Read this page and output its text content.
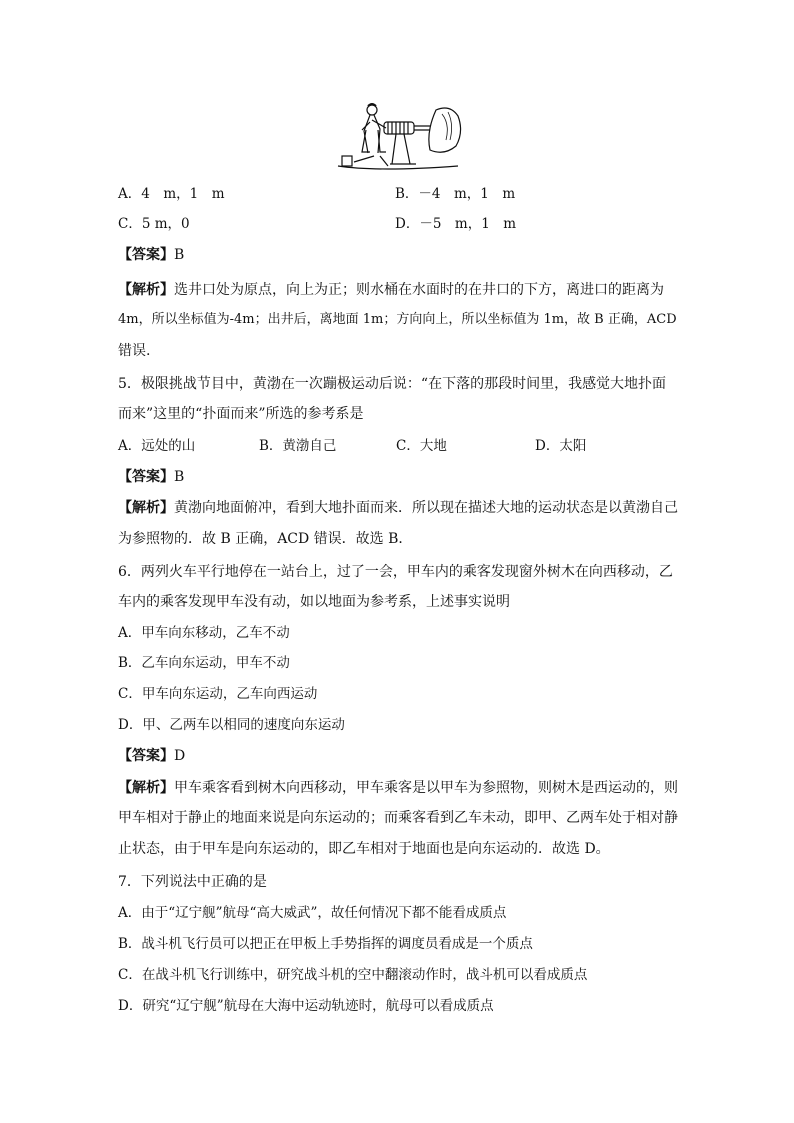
A．4　m，1　m	B．－4　m，1　m
C．5 m，0	D．－5　m，1　m
【答案】B
【解析】选井口处为原点，向上为正；则水桶在水面时的在井口的下方，离进口的距离为
4m，所以坐标值为-4m；出井后，离地面 1m；方向向上，所以坐标值为 1m，故 B 正确，ACD
错误.
5．极限挑战节目中，黄渤在一次蹦极运动后说：“在下落的那段时间里，我感觉大地扑面
而来”这里的“扑面而来”所选的参考系是
A．远处的山	B．黄渤自己	C．大地	D．太阳
【答案】B
【解析】黄渤向地面俯冲，看到大地扑面而来．所以现在描述大地的运动状态是以黄渤自己
为参照物的．故 B 正确，ACD 错误．故选 B．
6．两列火车平行地停在一站台上，过了一会，甲车内的乘客发现窗外树木在向西移动，乙
车内的乘客发现甲车没有动，如以地面为参考系，上述事实说明
A．甲车向东移动，乙车不动
B．乙车向东运动，甲车不动
C．甲车向东运动，乙车向西运动
D．甲、乙两车以相同的速度向东运动
【答案】D
【解析】甲车乘客看到树木向西移动，甲车乘客是以甲车为参照物，则树木是西运动的，则
甲车相对于静止的地面来说是向东运动的；而乘客看到乙车未动，即甲、乙两车处于相对静
止状态，由于甲车是向东运动的，即乙车相对于地面也是向东运动的．故选 D。
7．下列说法中正确的是
A．由于“辽宁舰”航母“高大威武”，故任何情况下都不能看成质点
B．战斗机飞行员可以把正在甲板上手势指挥的调度员看成是一个质点
C．在战斗机飞行训练中，研究战斗机的空中翻滚动作时，战斗机可以看成质点
D．研究“辽宁舰”航母在大海中运动轨迹时，航母可以看成质点
